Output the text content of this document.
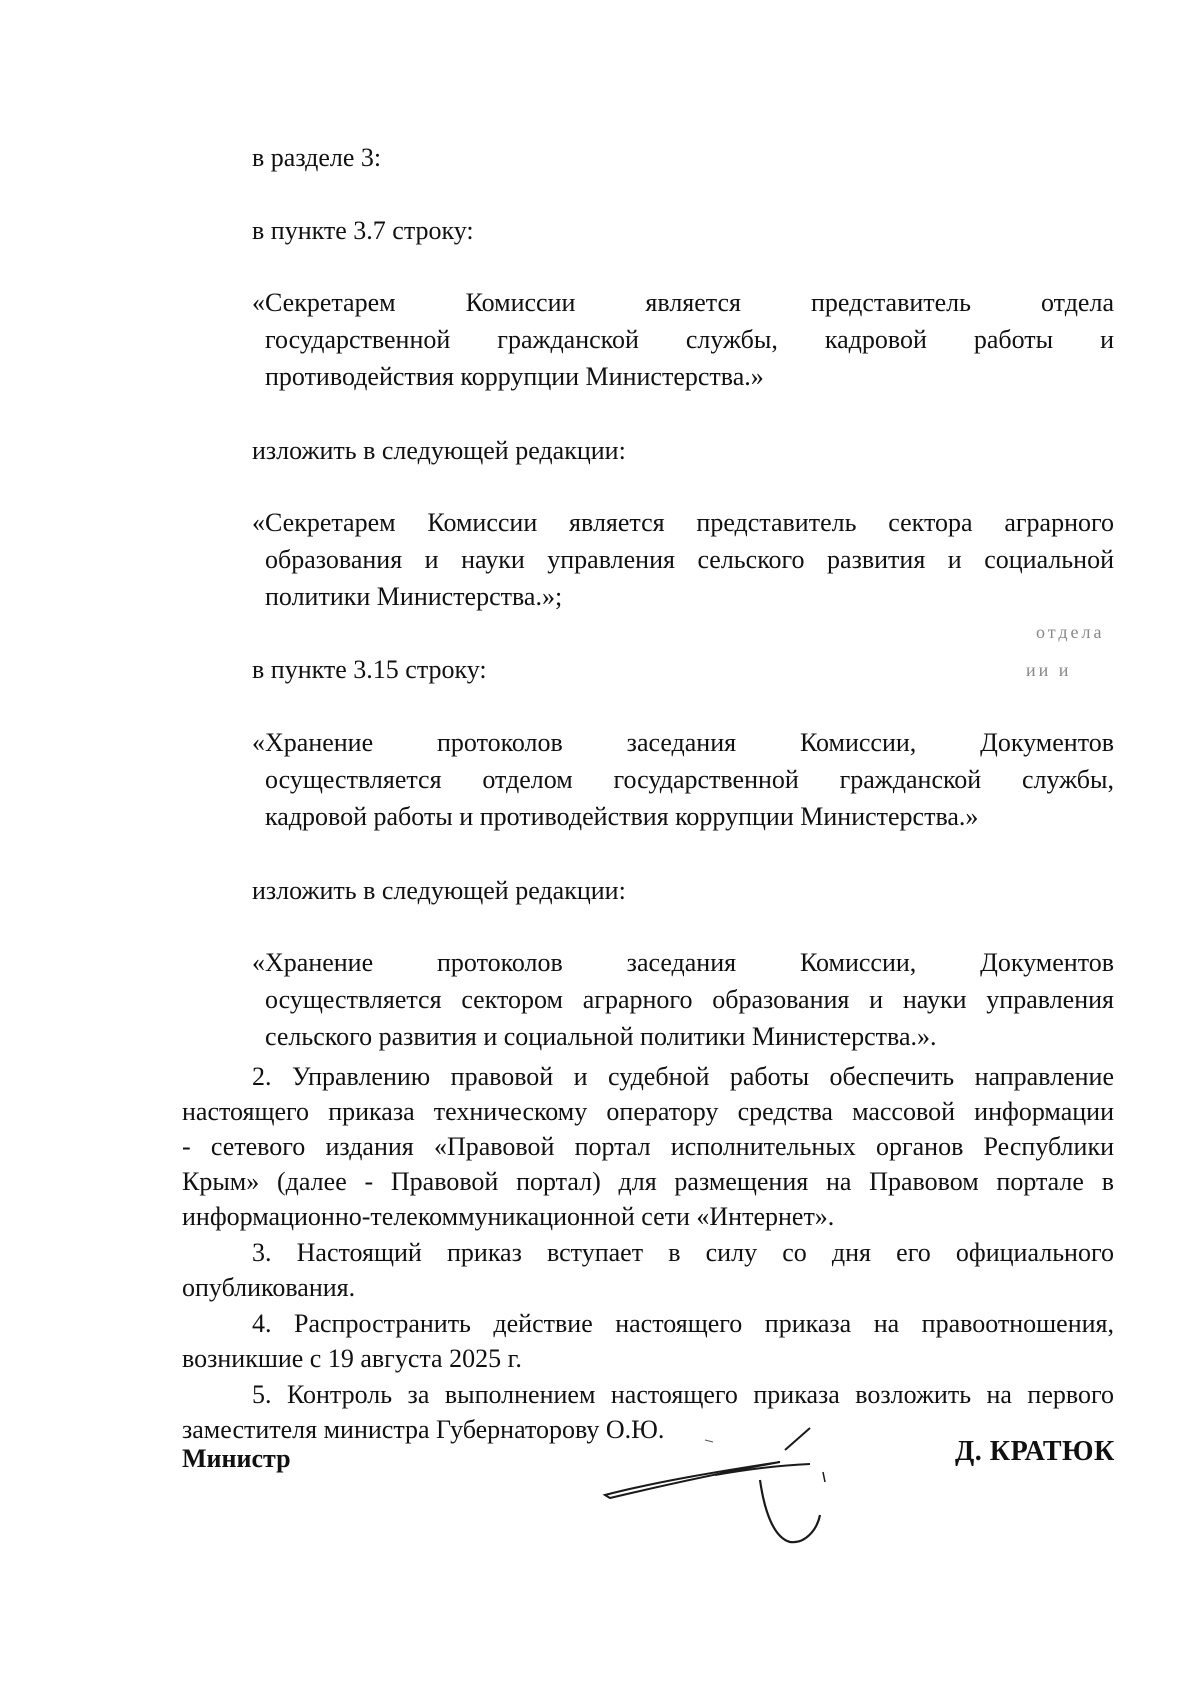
в разделе 3:
в пункте 3.7 строку:
«Секретарем Комиссии является представитель отдела
государственной гражданской службы, кадровой работы и
противодействия коррупции Министерства.»
изложить в следующей редакции:
«Секретарем Комиссии является представитель сектора аграрного
образования и науки управления сельского развития и социальной
политики Министерства.»;
отдела
ии и
в пункте 3.15 строку:
«Хранение протоколов заседания Комиссии, Документов
осуществляется отделом государственной гражданской службы,
кадровой работы и противодействия коррупции Министерства.»
изложить в следующей редакции:
«Хранение протоколов заседания Комиссии, Документов
осуществляется сектором аграрного образования и науки управления
сельского развития и социальной политики Министерства.».
2. Управлению правовой и судебной работы обеспечить направление
настоящего приказа техническому оператору средства массовой информации
- сетевого издания «Правовой портал исполнительных органов Республики
Крым» (далее - Правовой портал) для размещения на Правовом портале в
информационно-телекоммуникационной сети «Интернет».
3. Настоящий приказ вступает в силу со дня его официального
опубликования.
4. Распространить действие настоящего приказа на правоотношения,
возникшие с 19 августа 2025 г.
5. Контроль за выполнением настоящего приказа возложить на первого
заместителя министра Губернаторову О.Ю.
Министр	Д. КРАТЮК
